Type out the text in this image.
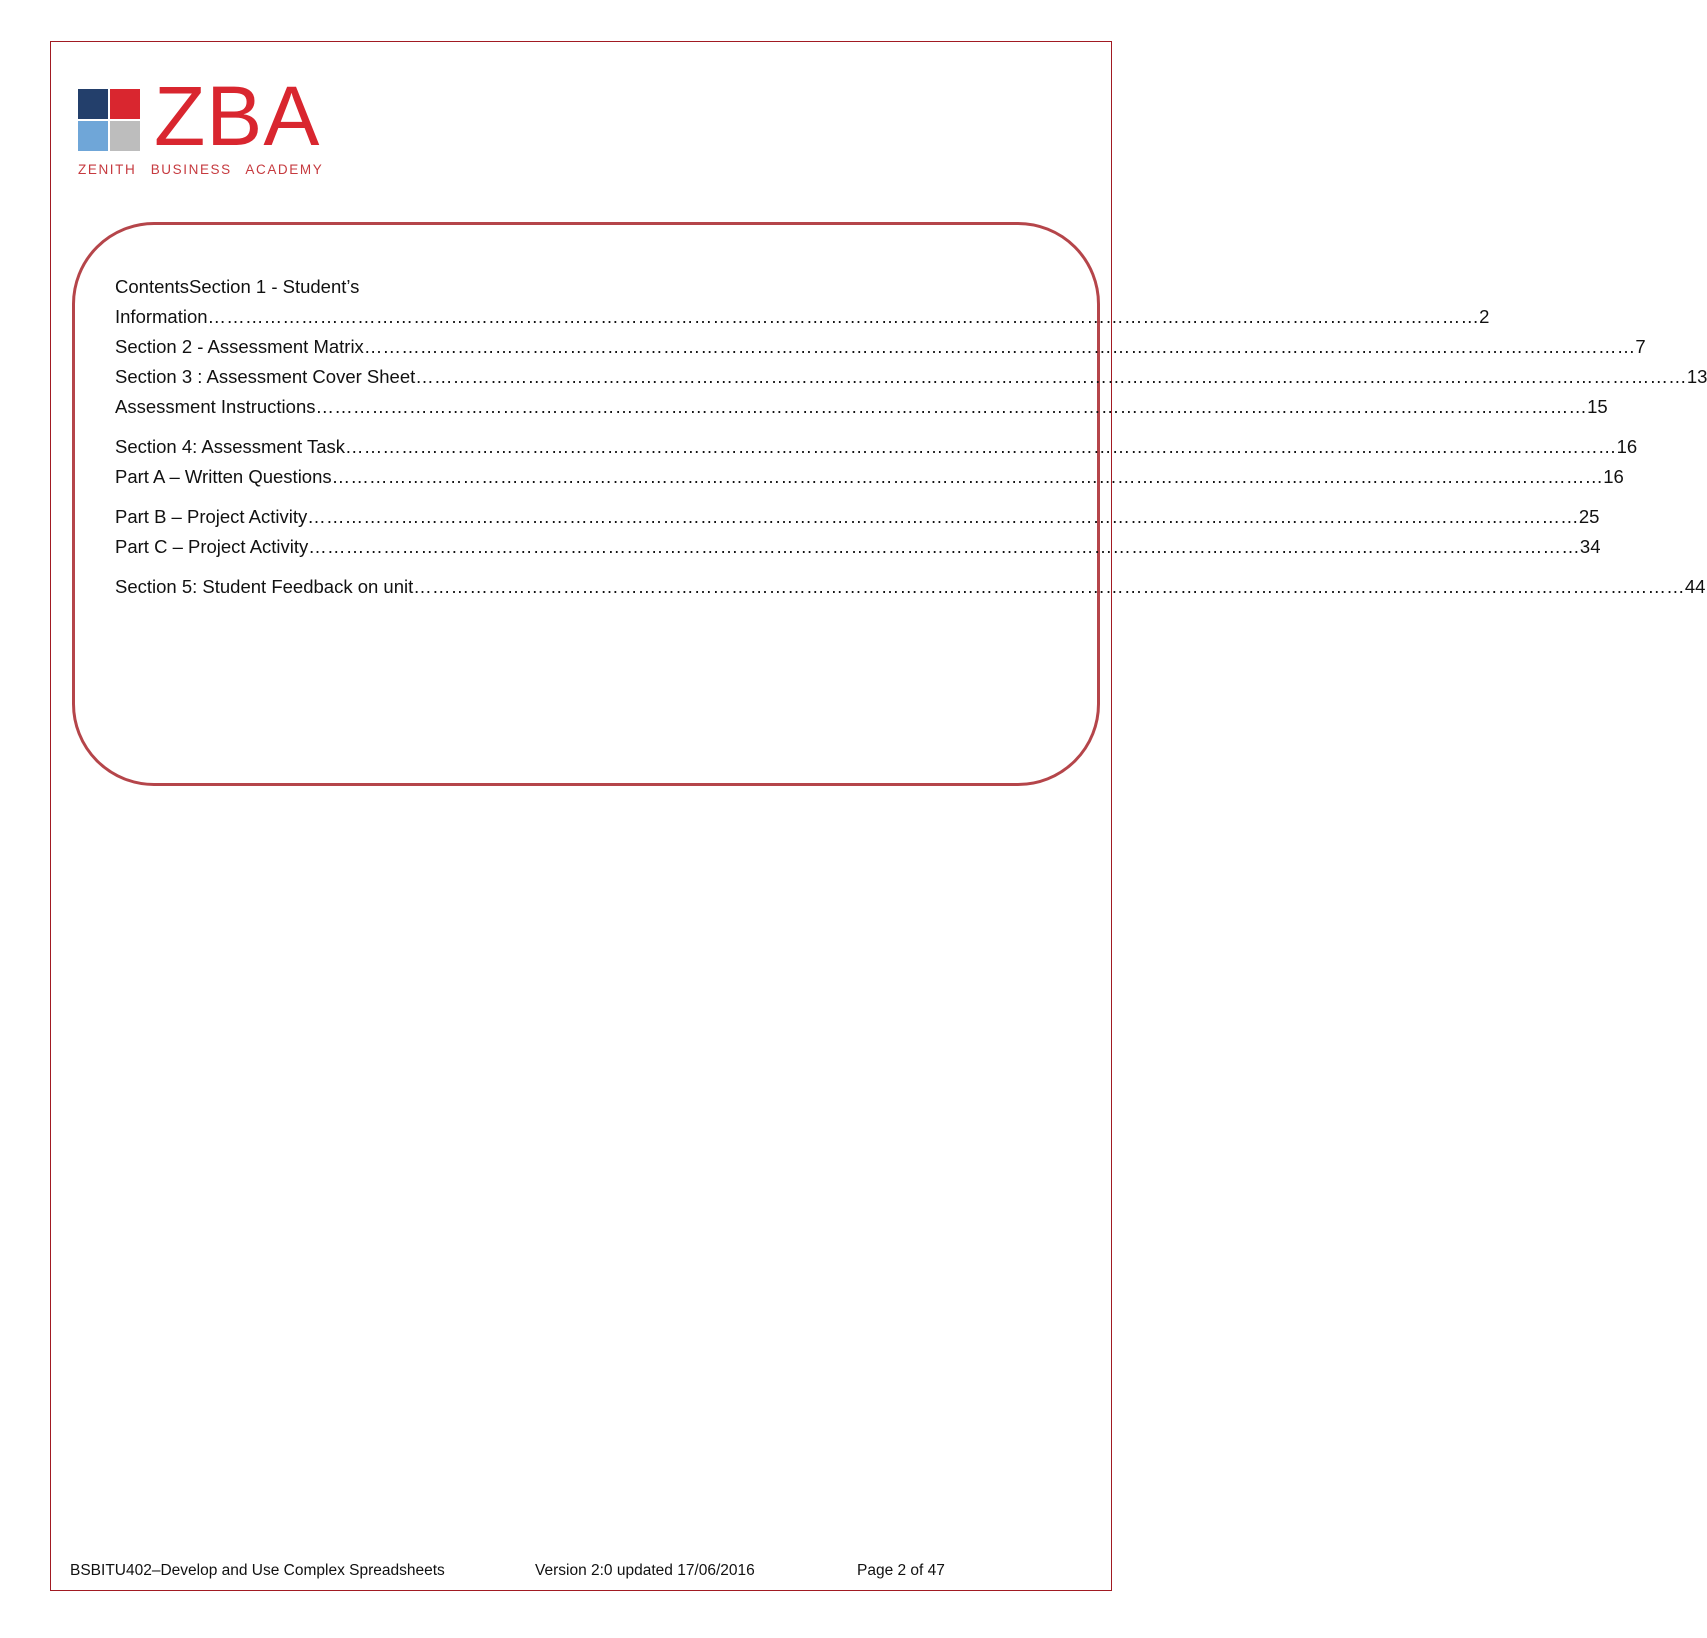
ZBA
ZENITH BUSINESS ACADEMY
ContentsSection 1 - Student’s
Information …………………………………………………………………………………………………………………………………………………………………………………… 2
Section 2 - Assessment Matrix …………………………………………………………………………………………………………………………………………………………………………………… 7
Section 3 : Assessment Cover Sheet …………………………………………………………………………………………………………………………………………………………………………………… 13
Assessment Instructions …………………………………………………………………………………………………………………………………………………………………………………… 15
Section 4: Assessment Task …………………………………………………………………………………………………………………………………………………………………………………… 16
Part A – Written Questions …………………………………………………………………………………………………………………………………………………………………………………… 16
Part B – Project Activity …………………………………………………………………………………………………………………………………………………………………………………… 25
Part C – Project Activity …………………………………………………………………………………………………………………………………………………………………………………… 34
Section 5: Student Feedback on unit …………………………………………………………………………………………………………………………………………………………………………………… 44
BSBITU402–Develop and Use Complex Spreadsheets	Version 2:0 updated 17/06/2016	Page 2 of 47
